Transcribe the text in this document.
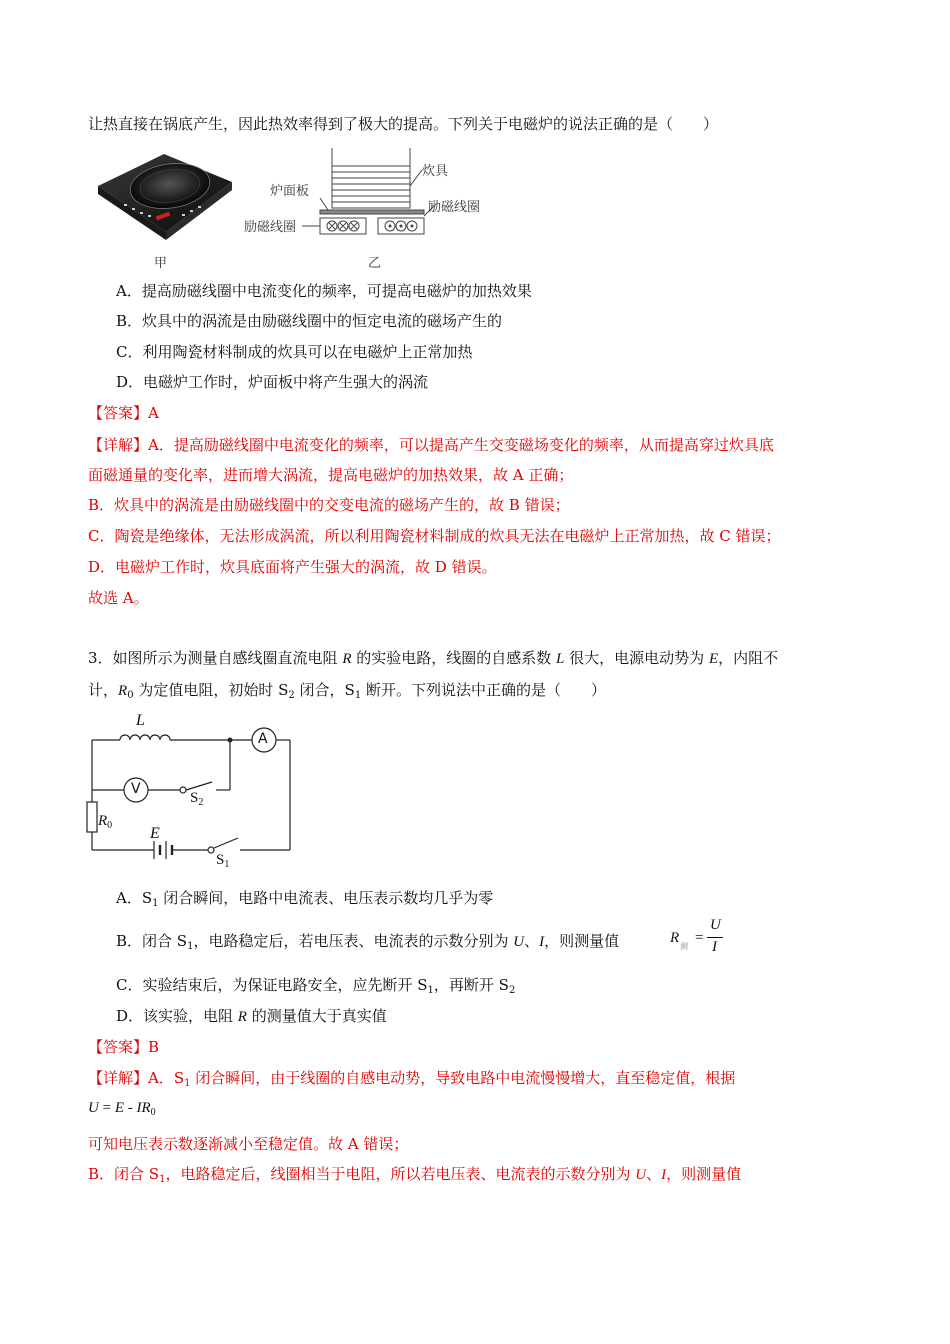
让热直接在锅底产生，因此热效率得到了极大的提高。下列关于电磁炉的说法正确的是（　　）
甲
炊具
炉面板
励磁线圈
励磁线圈
乙
A．提高励磁线圈中电流变化的频率，可提高电磁炉的加热效果
B．炊具中的涡流是由励磁线圈中的恒定电流的磁场产生的
C．利用陶瓷材料制成的炊具可以在电磁炉上正常加热
D．电磁炉工作时，炉面板中将产生强大的涡流
【答案】A
【详解】A．提高励磁线圈中电流变化的频率，可以提高产生交变磁场变化的频率，从而提高穿过炊具底
面磁通量的变化率，进而增大涡流，提高电磁炉的加热效果，故 A 正确；
B．炊具中的涡流是由励磁线圈中的交变电流的磁场产生的，故 B 错误；
C．陶瓷是绝缘体，无法形成涡流，所以利用陶瓷材料制成的炊具无法在电磁炉上正常加热，故 C 错误；
D．电磁炉工作时，炊具底面将产生强大的涡流，故 D 错误。
故选 A。
3．如图所示为测量自感线圈直流电阻 R 的实验电路，线圈的自感系数 L 很大，电源电动势为 E，内阻不
计，$R_0$ 为定值电阻，初始时 $S_2$ 闭合，$S_1$ 断开。下列说法中正确的是（　　）
L
A
V
$S_2$
$R_0$ E
$S_1$
A．$S_1$ 闭合瞬间，电路中电流表、电压表示数均几乎为零
B．闭合 $S_1$，电路稳定后，若电压表、电流表的示数分别为 U、I，则测量值	R
测
=
U
I
C．实验结束后，为保证电路安全，应先断开 $S_1$，再断开 $S_2$
D．该实验，电阻 R 的测量值大于真实值
【答案】B
【详解】A．$S_1$ 闭合瞬间，由于线圈的自感电动势，导致电路中电流慢慢增大，直至稳定值，根据
$U = E - IR_0$
可知电压表示数逐渐减小至稳定值。故 A 错误；
B．闭合 $S_1$，电路稳定后，线圈相当于电阻，所以若电压表、电流表的示数分别为 U、I，则测量值
